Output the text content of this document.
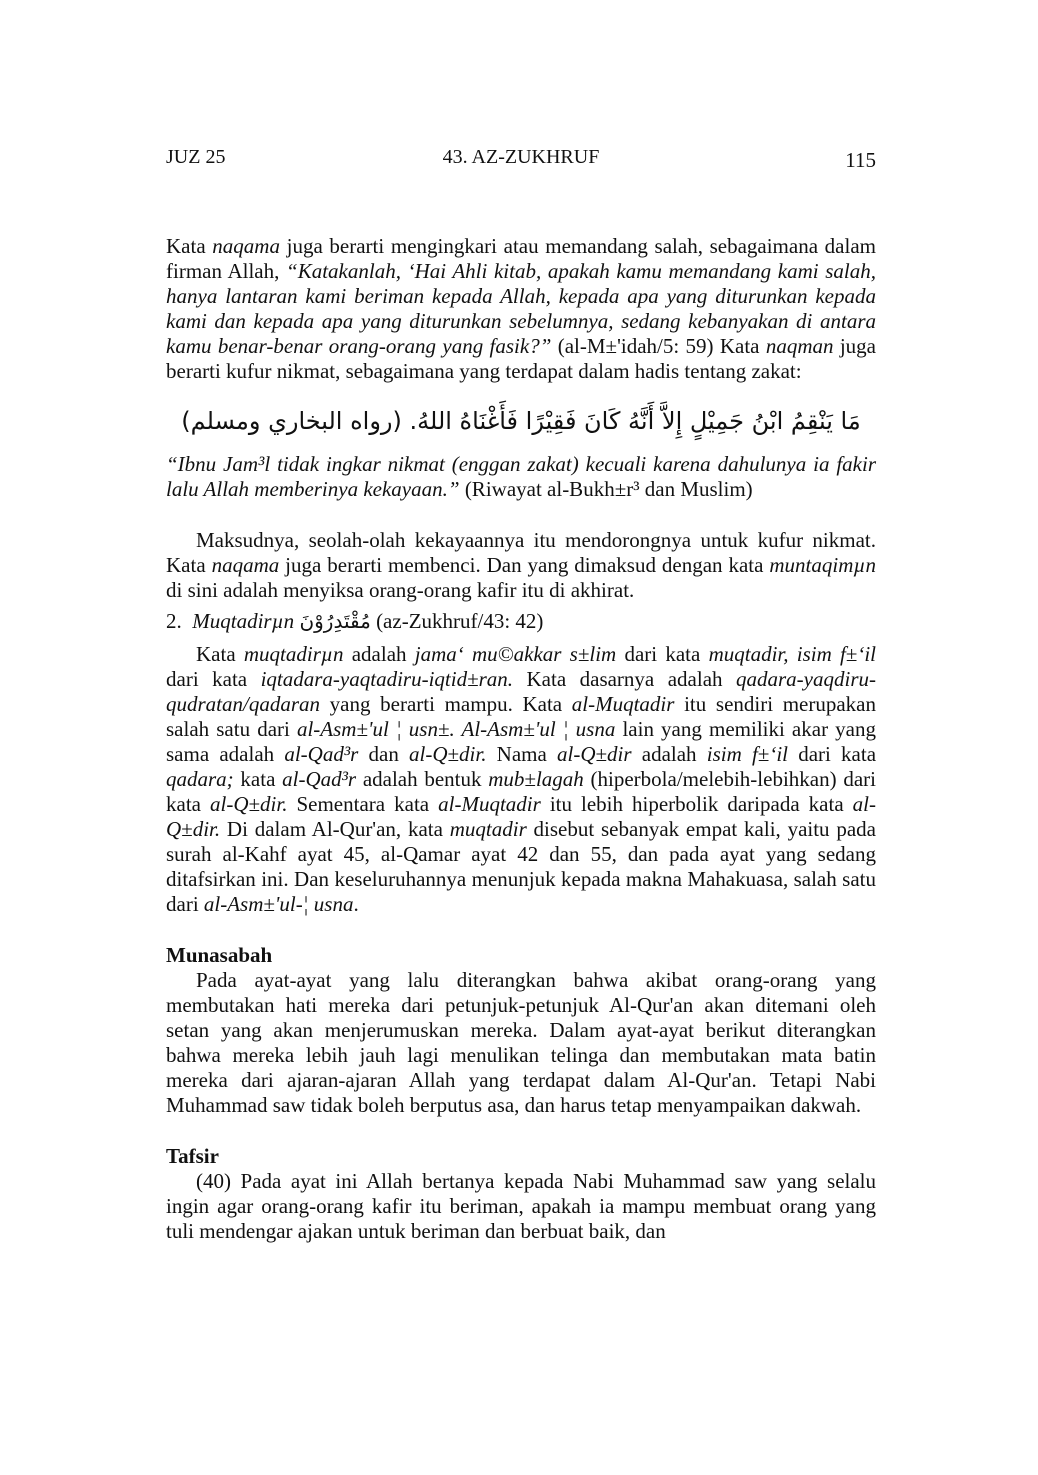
JUZ 25	43. AZ-ZUKHRUF	115

Kata naqama juga berarti mengingkari atau memandang salah, sebagaimana dalam firman Allah, “Katakanlah, ‘Hai Ahli kitab, apakah kamu memandang kami salah, hanya lantaran kami beriman kepada Allah, kepada apa yang diturunkan kepada kami dan kepada apa yang diturunkan sebelumnya, sedang kebanyakan di antara kamu benar-benar orang-orang yang fasik?” (al-M±'idah/5: 59) Kata naqman juga berarti kufur nikmat, sebagaimana yang terdapat dalam hadis tentang zakat:

مَا يَنْقِمُ ابْنُ جَمِيْلٍ إِلاَّ أَنَّهُ كَانَ فَقِيْرًا فَأَغْنَاهُ اللهُ. (رواه البخاري ومسلم)

“Ibnu Jam³l tidak ingkar nikmat (enggan zakat) kecuali karena dahulunya ia fakir lalu Allah memberinya kekayaan.” (Riwayat al-Bukh±r³ dan Muslim)

Maksudnya, seolah-olah kekayaannya itu mendorongnya untuk kufur nikmat. Kata naqama juga berarti membenci. Dan yang dimaksud dengan kata muntaqimµn di sini adalah menyiksa orang-orang kafir itu di akhirat.

2. Muqtadirµn مُقْتَدِرُوْنَ (az-Zukhruf/43: 42)

Kata muqtadirµn adalah jama‘ mu©akkar s±lim dari kata muqtadir, isim f±‘il dari kata iqtadara-yaqtadiru-iqtid±ran. Kata dasarnya adalah qadara-yaqdiru-qudratan/qadaran yang berarti mampu. Kata al-Muqtadir itu sendiri merupakan salah satu dari al-Asm±'ul ¦ usn±. Al-Asm±'ul ¦ usna lain yang memiliki akar yang sama adalah al-Qad³r dan al-Q±dir. Nama al-Q±dir adalah isim f±‘il dari kata qadara; kata al-Qad³r adalah bentuk mub±lagah (hiperbola/melebih-lebihkan) dari kata al-Q±dir. Sementara kata al-Muqtadir itu lebih hiperbolik daripada kata al-Q±dir. Di dalam Al-Qur'an, kata muqtadir disebut sebanyak empat kali, yaitu pada surah al-Kahf ayat 45, al-Qamar ayat 42 dan 55, dan pada ayat yang sedang ditafsirkan ini. Dan keseluruhannya menunjuk kepada makna Mahakuasa, salah satu dari al-Asm±'ul-¦ usna.

Munasabah

Pada ayat-ayat yang lalu diterangkan bahwa akibat orang-orang yang membutakan hati mereka dari petunjuk-petunjuk Al-Qur'an akan ditemani oleh setan yang akan menjerumuskan mereka. Dalam ayat-ayat berikut diterangkan bahwa mereka lebih jauh lagi menulikan telinga dan membutakan mata batin mereka dari ajaran-ajaran Allah yang terdapat dalam Al-Qur'an. Tetapi Nabi Muhammad saw tidak boleh berputus asa, dan harus tetap menyampaikan dakwah.

Tafsir

(40) Pada ayat ini Allah bertanya kepada Nabi Muhammad saw yang selalu ingin agar orang-orang kafir itu beriman, apakah ia mampu membuat orang yang tuli mendengar ajakan untuk beriman dan berbuat baik, dan
